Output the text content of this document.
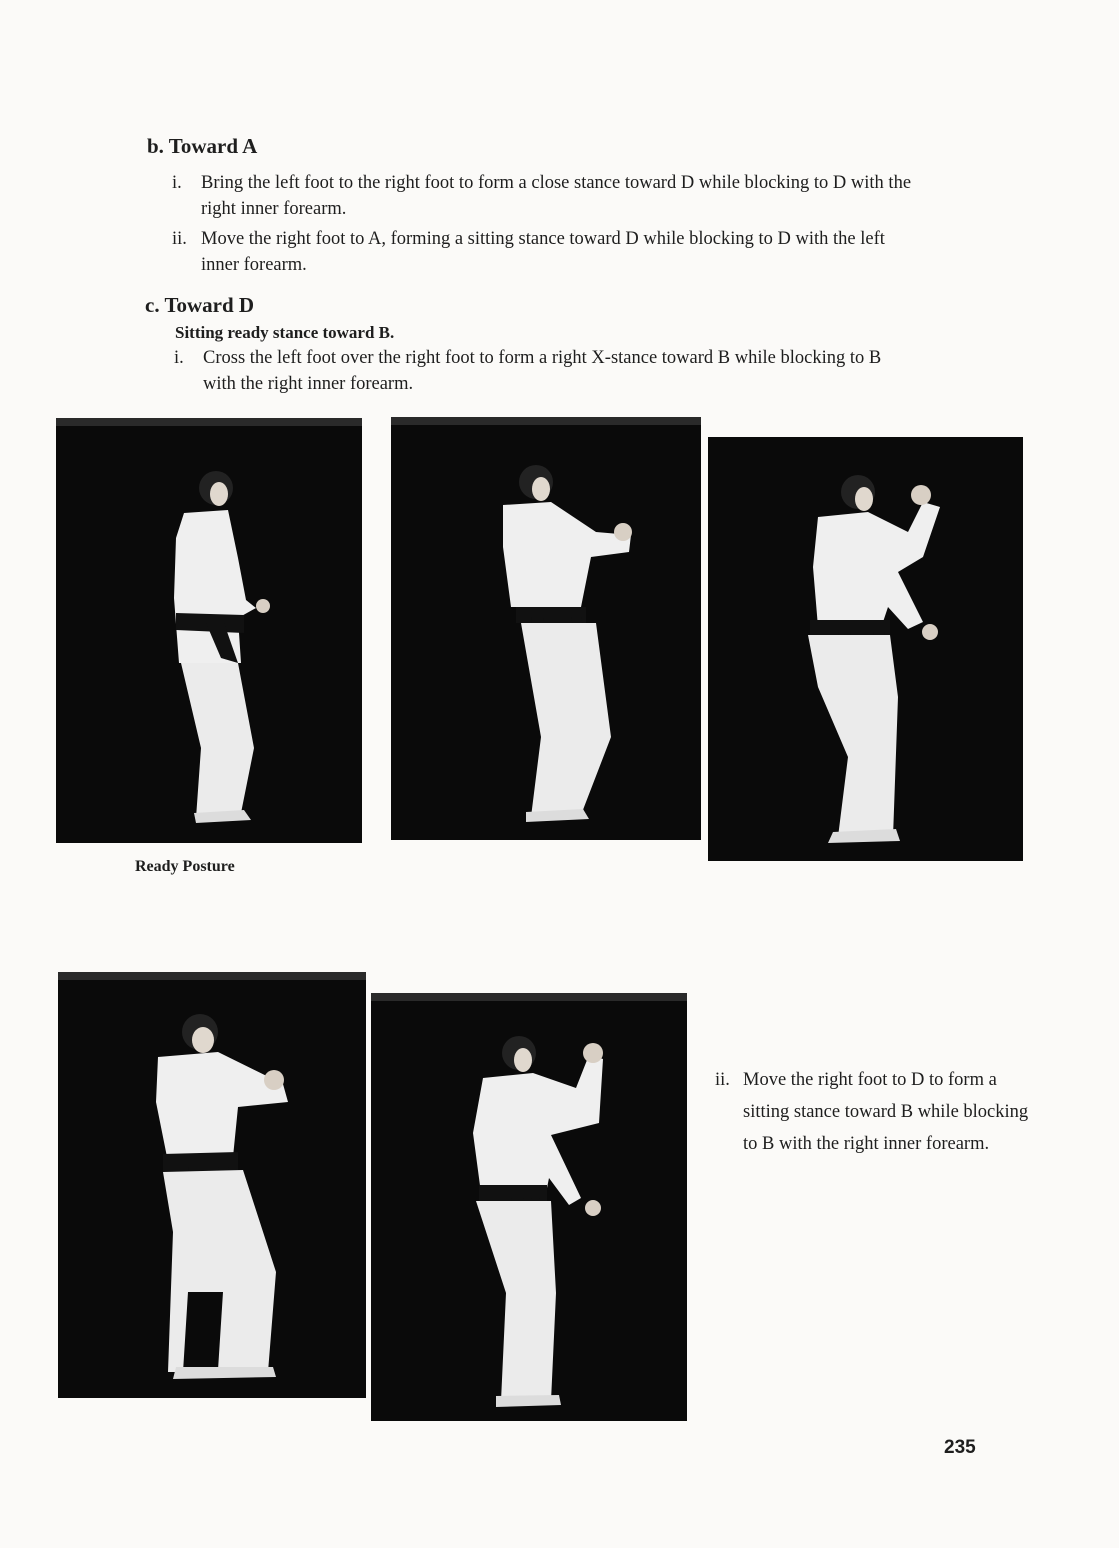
b. Toward A
i.	Bring the left foot to the right foot to form a close stance toward D while blocking to D with the right inner forearm.
ii. Move the right foot to A, forming a sitting stance toward D while blocking to D with the left inner forearm.
c. Toward D
Sitting ready stance toward B.
i.	Cross the left foot over the right foot to form a right X-stance toward B while blocking to B with the right inner forearm.
Ready Posture
ii. Move the right foot to D to form a sitting stance toward B while blocking to B with the right inner forearm.
235
